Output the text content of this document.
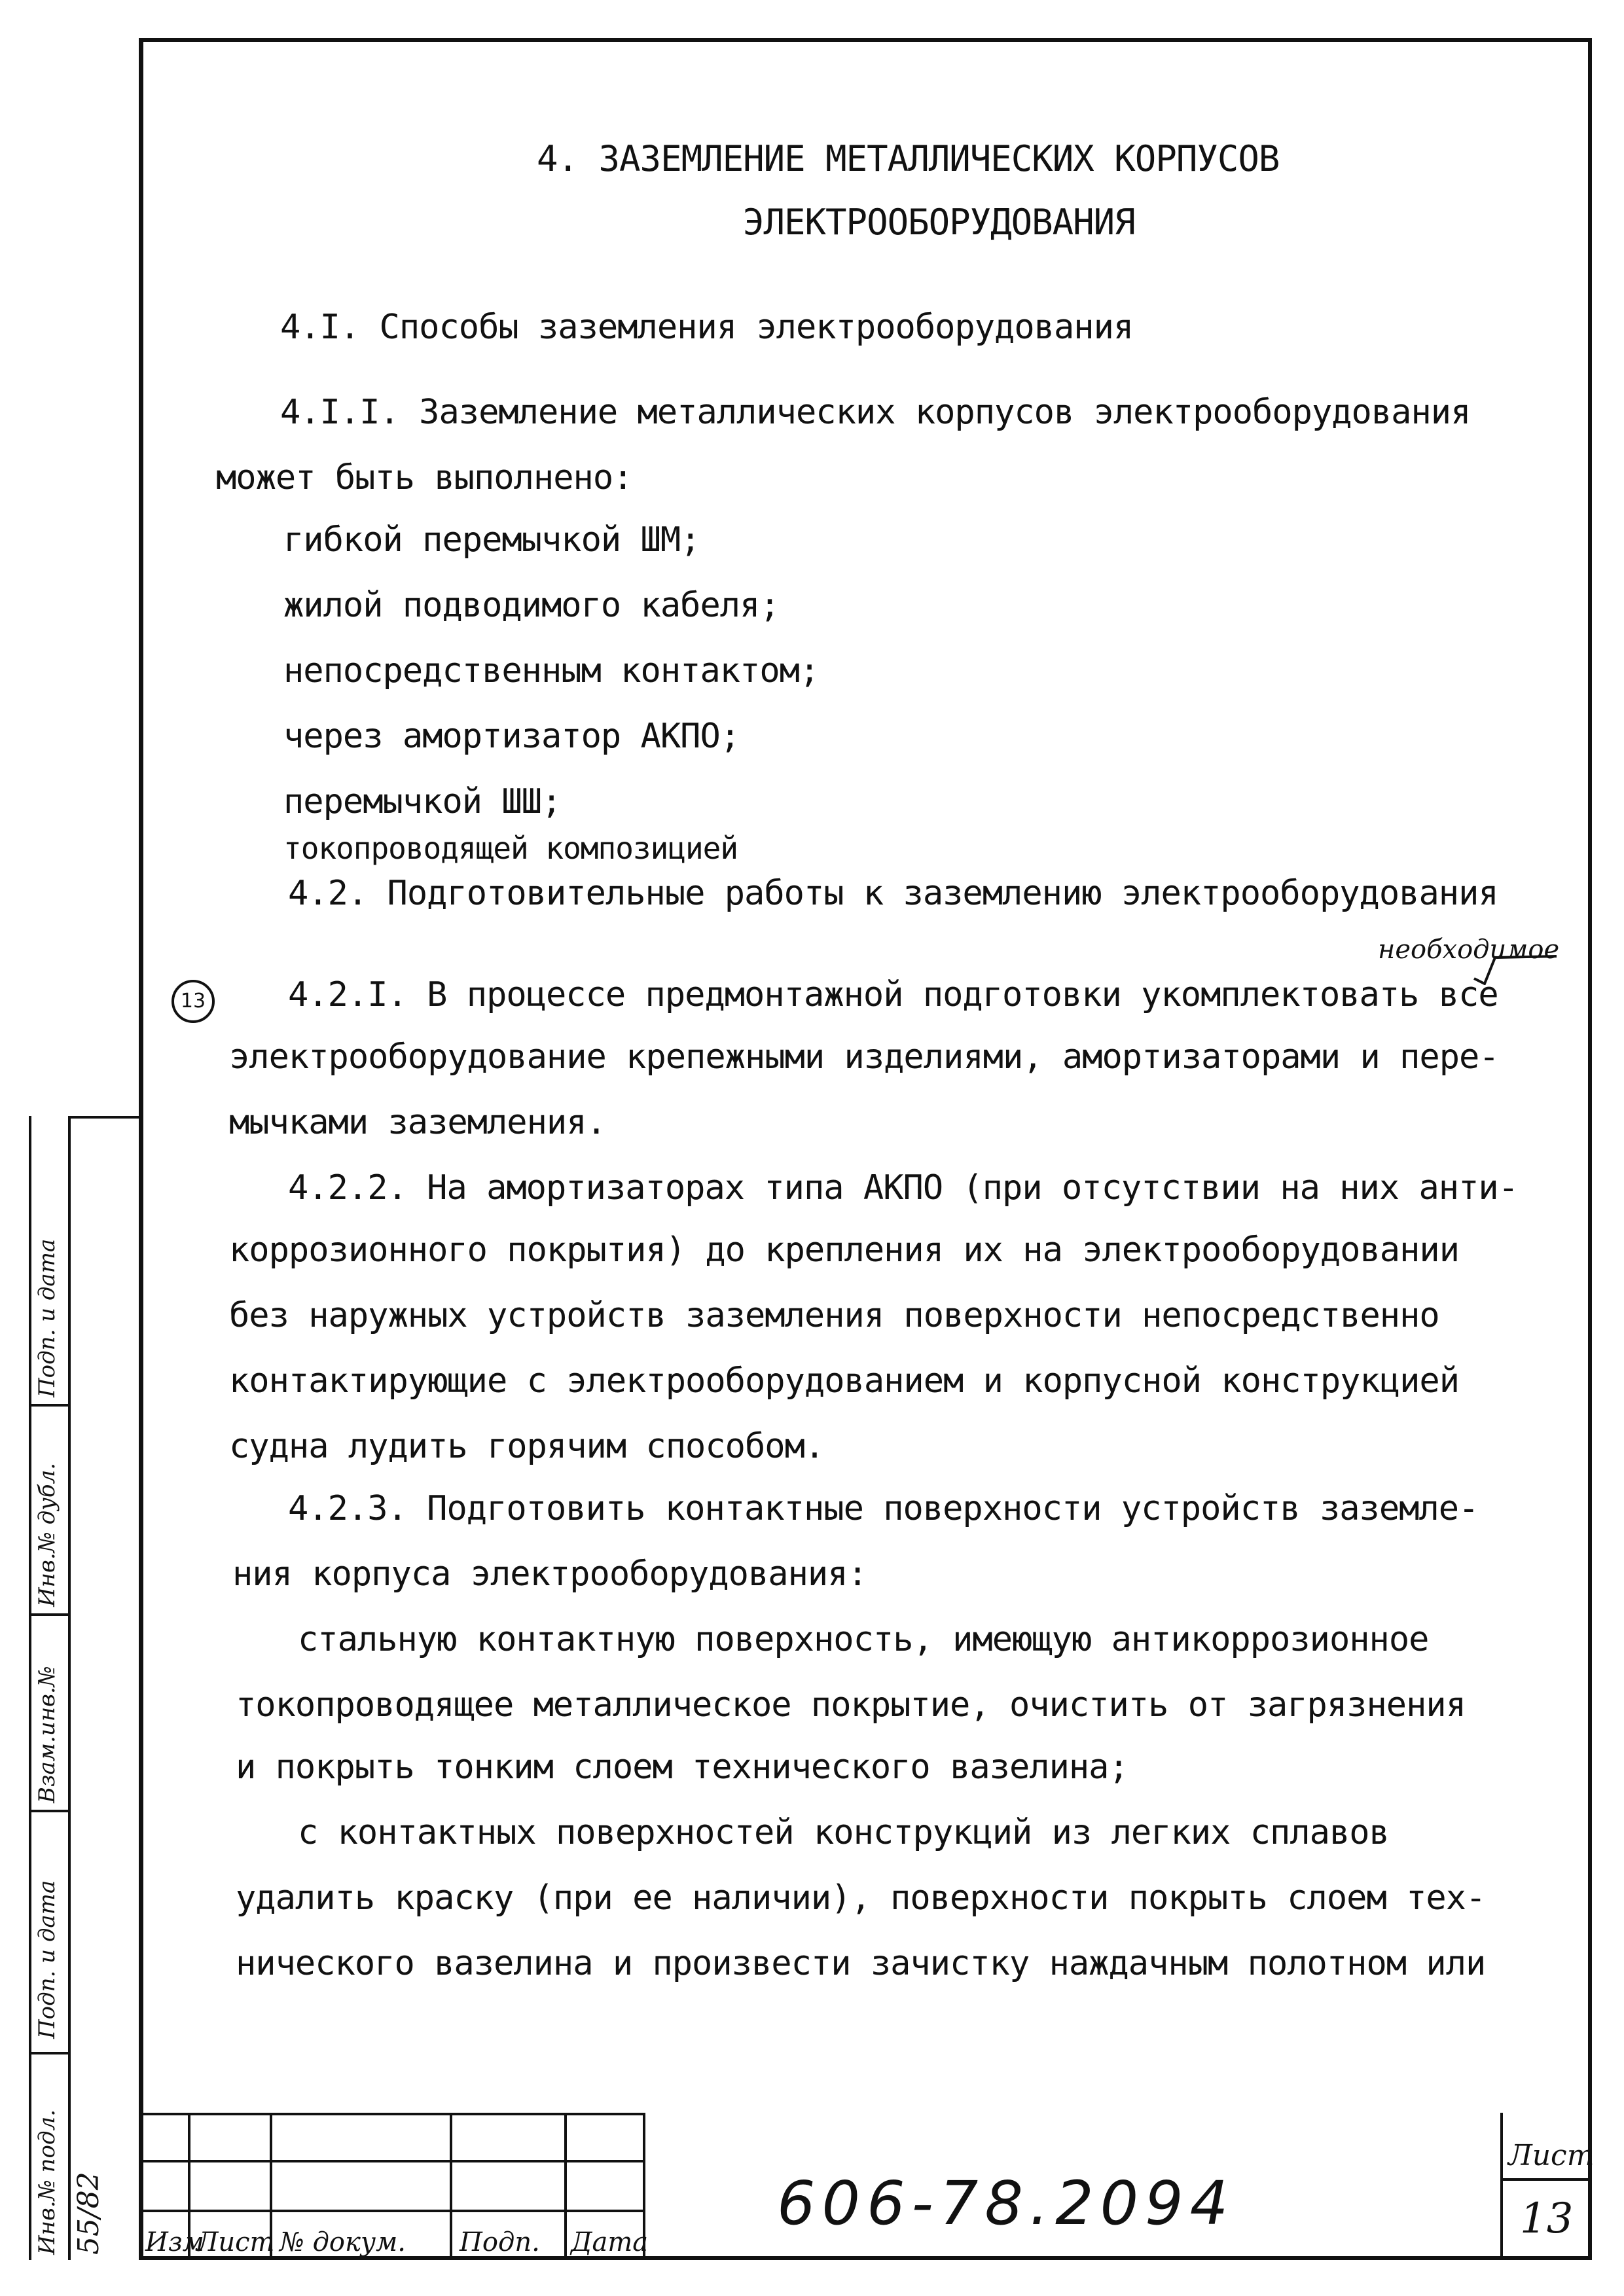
4. ЗАЗЕМЛЕНИЕ МЕТАЛЛИЧЕСКИХ КОРПУСОВ
ЭЛЕКТРООБОРУДОВАНИЯ
4.I. Способы заземления электрооборудования
4.I.I. Заземление металлических корпусов электрооборудования
может быть выполнено:
гибкой перемычкой ШМ;
жилой подводимого кабеля;
непосредственным контактом;
через амортизатор АКПО;
перемычкой ШШ;
токопроводящей композицией
4.2. Подготовительные работы к заземлению электрооборудования
необходимое
13 4.2.I. В процессе предмонтажной подготовки укомплектовать все
электрооборудование крепежными изделиями, амортизаторами и пере-
мычками заземления.
4.2.2. На амортизаторах типа АКПО (при отсутствии на них анти-
коррозионного покрытия) до крепления их на электрооборудовании
без наружных устройств заземления поверхности непосредственно
контактирующие с электрооборудованием и корпусной конструкцией
судна лудить горячим способом.
4.2.3. Подготовить контактные поверхности устройств заземле-
ния корпуса электрооборудования:
стальную контактную поверхность, имеющую антикоррозионное
токопроводящее металлическое покрытие, очистить от загрязнения
и покрыть тонким слоем технического вазелина;
с контактных поверхностей конструкций из легких сплавов
удалить краску (при ее наличии), поверхности покрыть слоем тех-
нического вазелина и произвести зачистку наждачным полотном или
Инв.№ подл.
Подп. и дата
Взам.инв.№
Инв.№ дубл.
Подп. и дата
55/82 Изм
Лист № докум. Подп. Дата
606-78.2094
Лист
13
